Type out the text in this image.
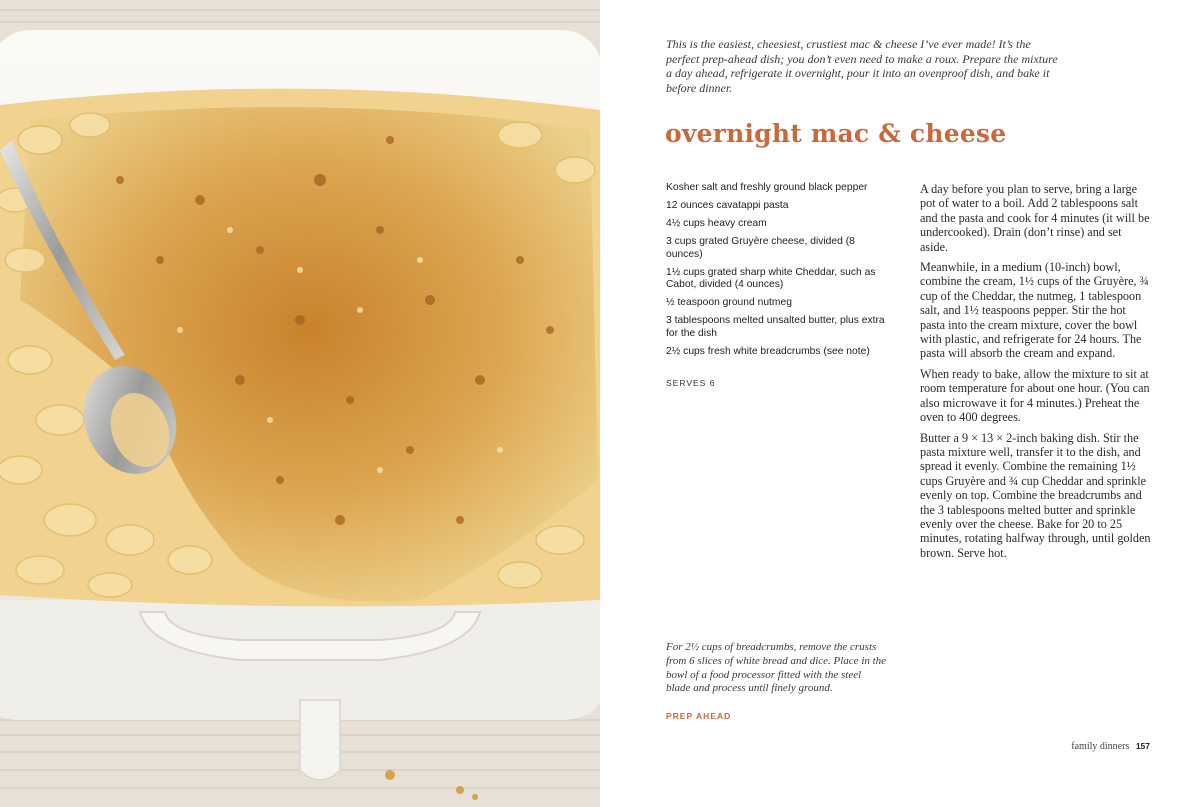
This is the easiest, cheesiest, crustiest mac & cheese I’ve ever made! It’s the perfect prep-ahead dish; you don’t even need to make a roux. Prepare the mixture a day ahead, refrigerate it overnight, pour it into an ovenproof dish, and bake it before dinner.

overnight mac & cheese
Kosher salt and freshly ground black pepper
12 ounces cavatappi pasta
4½ cups heavy cream
3 cups grated Gruyère cheese, divided (8 ounces)
1½ cups grated sharp white Cheddar, such as Cabot, divided (4 ounces)
½ teaspoon ground nutmeg
3 tablespoons melted unsalted butter, plus extra for the dish
2½ cups fresh white breadcrumbs (see note)
SERVES 6

A day before you plan to serve, bring a large pot of water to a boil. Add 2 tablespoons salt and the pasta and cook for 4 minutes (it will be undercooked). Drain (don’t rinse) and set aside.

Meanwhile, in a medium (10-inch) bowl, combine the cream, 1½ cups of the Gruyère, ¾ cup of the Cheddar, the nutmeg, 1 tablespoon salt, and 1½ teaspoons pepper. Stir the hot pasta into the cream mixture, cover the bowl with plastic, and refrigerate for 24 hours. The pasta will absorb the cream and expand.

When ready to bake, allow the mixture to sit at room temperature for about one hour. (You can also microwave it for 4 minutes.) Preheat the oven to 400 degrees.

Butter a 9 × 13 × 2-inch baking dish. Stir the pasta mixture well, transfer it to the dish, and spread it evenly. Combine the remaining 1½ cups Gruyère and ¾ cup Cheddar and sprinkle evenly on top. Combine the breadcrumbs and the 3 tablespoons melted butter and sprinkle evenly over the cheese. Bake for 20 to 25 minutes, rotating halfway through, until golden brown. Serve hot.

For 2½ cups of breadcrumbs, remove the crusts from 6 slices of white bread and dice. Place in the bowl of a food processor fitted with the steel blade and process until finely ground.

PREP AHEAD
family dinners 157
